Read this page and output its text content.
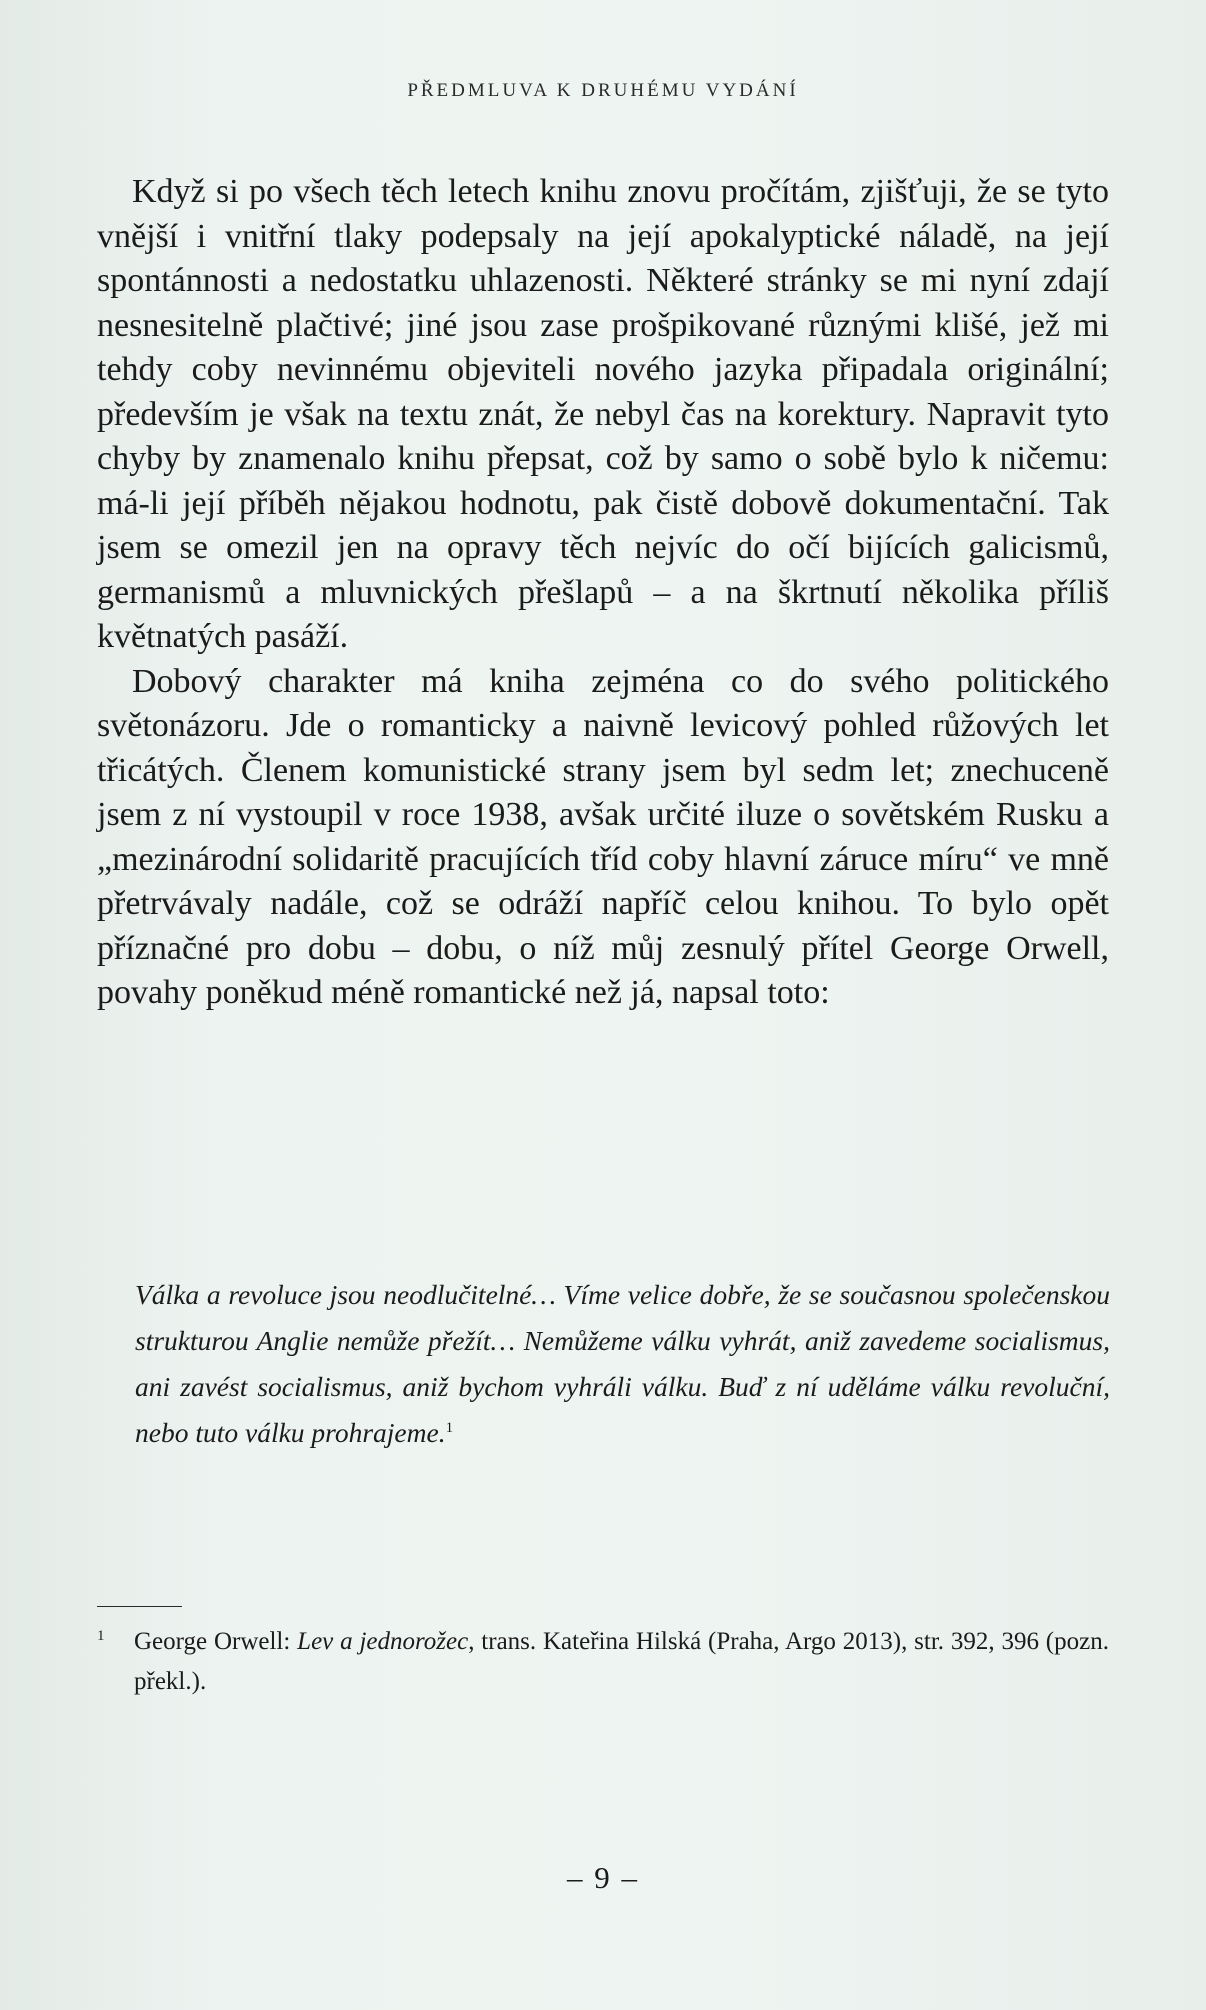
PŘEDMLUVA K DRUHÉMU VYDÁNÍ

Když si po všech těch letech knihu znovu pročítám, zjišťuji, že se tyto vnější i vnitřní tlaky podepsaly na její apokalyptické náladě, na její spontánnosti a nedostatku uhlazenosti. Některé stránky se mi nyní zdají nesnesitelně plačtivé; jiné jsou zase prošpikované různými klišé, jež mi tehdy coby nevinnému objeviteli nového jazyka připadala originální; především je však na textu znát, že nebyl čas na korektury. Napravit tyto chyby by znamenalo knihu přepsat, což by samo o sobě bylo k ničemu: má-li její příběh nějakou hodnotu, pak čistě dobově dokumentační. Tak jsem se omezil jen na opravy těch nejvíc do očí bijících galicismů, germanismů a mluvnických přešlapů – a na škrtnutí několika příliš květnatých pasáží.

Dobový charakter má kniha zejména co do svého politického světonázoru. Jde o romanticky a naivně levicový pohled růžových let třicátých. Členem komunistické strany jsem byl sedm let; znechuceně jsem z ní vystoupil v roce 1938, avšak určité iluze o sovětském Rusku a „mezinárodní solidaritě pracujících tříd coby hlavní záruce míru“ ve mně přetrvávaly nadále, což se odráží napříč celou knihou. To bylo opět příznačné pro dobu – dobu, o níž můj zesnulý přítel George Orwell, povahy poněkud méně romantické než já, napsal toto:

Válka a revoluce jsou neodlučitelné… Víme velice dobře, že se současnou společenskou strukturou Anglie nemůže přežít… Nemůžeme válku vyhrát, aniž zavedeme socialismus, ani zavést socialismus, aniž bychom vyhráli válku. Buď z ní uděláme válku revoluční, nebo tuto válku prohrajeme.$^1$

1 George Orwell: Lev a jednorožec, trans. Kateřina Hilská (Praha, Argo 2013), str. 392, 396 (pozn. překl.).

– 9 –
